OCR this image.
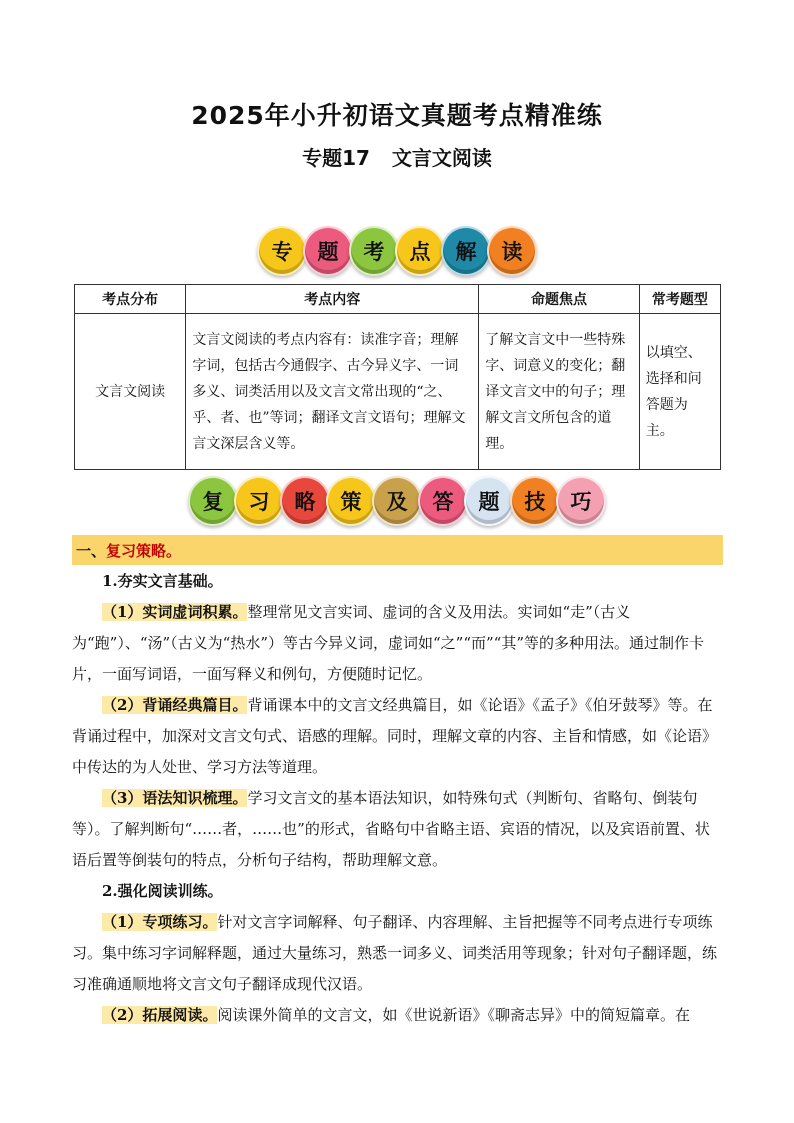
2025年小升初语文真题考点精准练
专题17 文言文阅读
专	题	考	点	解	读
考点分布	考点内容	命题焦点	常考题型
文言文阅读	文言文阅读的考点内容有：读准字音；理解字词，包括古今通假字、古今异义字、一词多义、词类活用以及文言文常出现的“之、乎、者、也”等词；翻译文言文语句；理解文言文深层含义等。	了解文言文中一些特殊字、词意义的变化；翻译文言文中的句子；理解文言文所包含的道理。	以填空、选择和问答题为主。
复	习	略	策	及	答	题	技	巧
一、 复习策略。

1.夯实文言基础。

（1）实词虚词积累。整理常见文言实词、虚词的含义及用法。实词如“走”（古义为“跑”）、“汤”（古义为“热水”）等古今异义词，虚词如“之”“而”“其”等的多种用法。通过制作卡片，一面写词语，一面写释义和例句，方便随时记忆。

（2）背诵经典篇目。背诵课本中的文言文经典篇目，如《论语》《孟子》《伯牙鼓琴》等。在背诵过程中，加深对文言文句式、语感的理解。同时，理解文章的内容、主旨和情感，如《论语》中传达的为人处世、学习方法等道理。

（3）语法知识梳理。学习文言文的基本语法知识，如特殊句式（判断句、省略句、倒装句等）。了解判断句“……者，……也”的形式，省略句中省略主语、宾语的情况，以及宾语前置、状语后置等倒装句的特点，分析句子结构，帮助理解文意。

2.强化阅读训练。

（1）专项练习。针对文言字词解释、句子翻译、内容理解、主旨把握等不同考点进行专项练习。集中练习字词解释题，通过大量练习，熟悉一词多义、词类活用等现象；针对句子翻译题，练习准确通顺地将文言文句子翻译成现代汉语。

（2）拓展阅读。阅读课外简单的文言文，如《世说新语》《聊斋志异》中的简短篇章。在
